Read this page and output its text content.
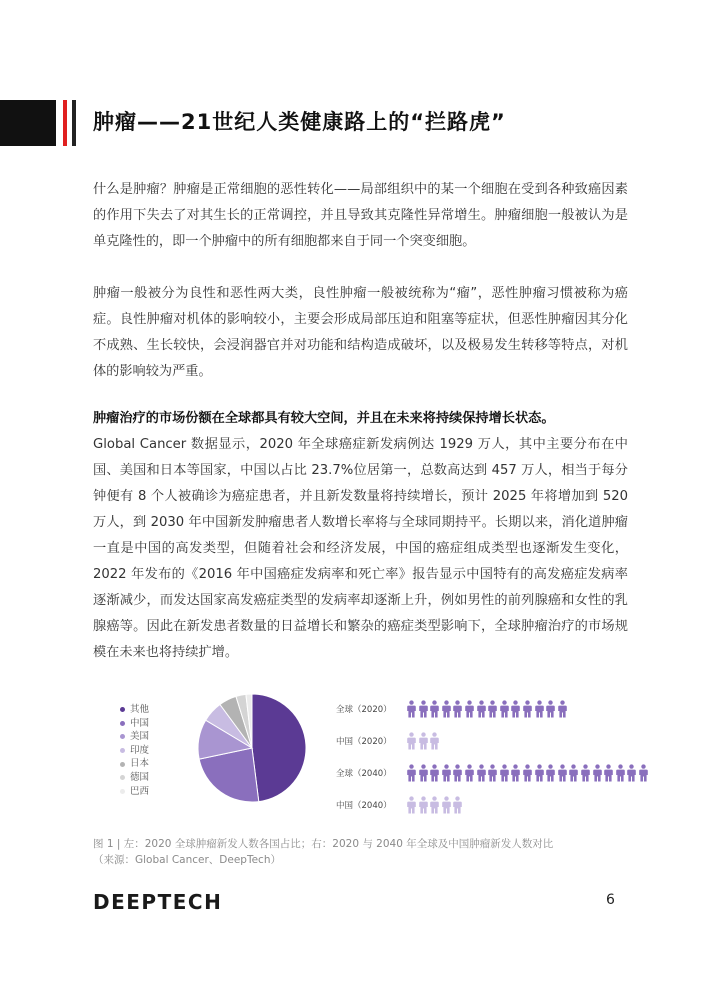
肿瘤——21世纪人类健康路上的“拦路虎”

什么是肿瘤？肿瘤是正常细胞的恶性转化——局部组织中的某一个细胞在受到各种致癌因素的作用下失去了对其生长的正常调控，并且导致其克隆性异常增生。肿瘤细胞一般被认为是单克隆性的，即一个肿瘤中的所有细胞都来自于同一个突变细胞。

肿瘤一般被分为良性和恶性两大类，良性肿瘤一般被统称为“瘤”，恶性肿瘤习惯被称为癌症。良性肿瘤对机体的影响较小，主要会形成局部压迫和阻塞等症状，但恶性肿瘤因其分化不成熟、生长较快，会浸润器官并对功能和结构造成破坏，以及极易发生转移等特点，对机体的影响较为严重。

肿瘤治疗的市场份额在全球都具有较大空间，并且在未来将持续保持增长状态。
Global Cancer 数据显示，2020 年全球癌症新发病例达 1929 万人，其中主要分布在中国、美国和日本等国家，中国以占比 23.7%位居第一，总数高达到 457 万人，相当于每分钟便有 8 个人被确诊为癌症患者，并且新发数量将持续增长，预计 2025 年将增加到 520 万人，到 2030 年中国新发肿瘤患者人数增长率将与全球同期持平。长期以来，消化道肿瘤一直是中国的高发类型，但随着社会和经济发展，中国的癌症组成类型也逐渐发生变化，2022 年发布的《2016 年中国癌症发病率和死亡率》报告显示中国特有的高发癌症发病率逐渐减少，而发达国家高发癌症类型的发病率却逐渐上升，例如男性的前列腺癌和女性的乳腺癌等。因此在新发患者数量的日益增长和繁杂的癌症类型影响下，全球肿瘤治疗的市场规模在未来也将持续扩增。
其他
中国
美国
印度
日本
德国
巴西
全球（2020）
中国（2020）
全球（2040）
中国（2040）
图 1 | 左：2020 全球肿瘤新发人数各国占比；右：2020 与 2040 年全球及中国肿瘤新发人数对比
（来源：Global Cancer、DeepTech）
DEEPTECH	6
